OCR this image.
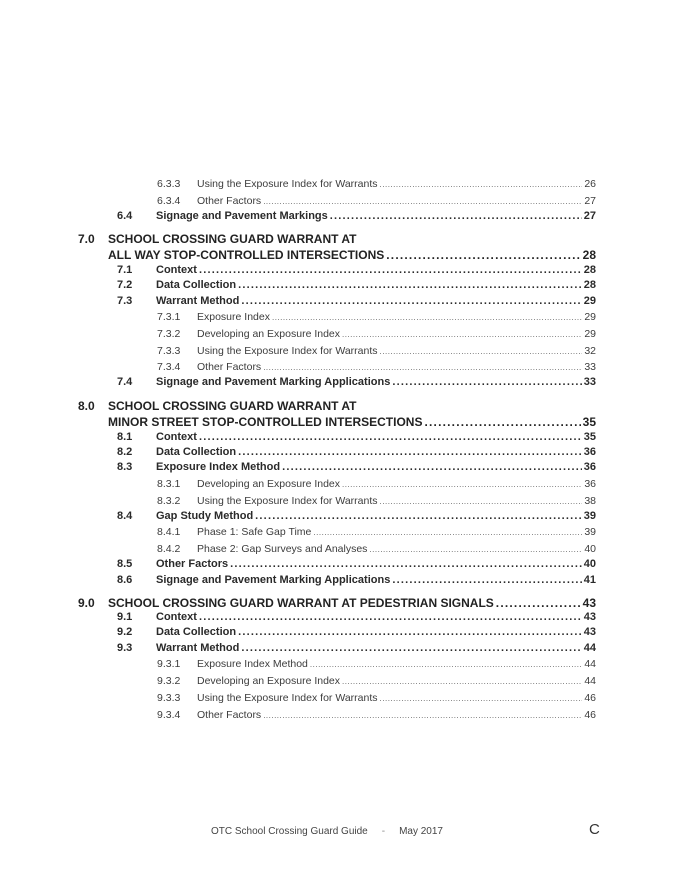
6.3.3	Using the Exposure Index for Warrants .....	26
6.3.4	Other Factors .....	27
6.4	Signage and Pavement Markings .....	27
7.0 SCHOOL CROSSING GUARD WARRANT AT
ALL WAY STOP-CONTROLLED INTERSECTIONS .....	28
7.1	Context .....	28
7.2	Data Collection .....	28
7.3	Warrant Method .....	29
7.3.1	Exposure Index .....	29
7.3.2	Developing an Exposure Index .....	29
7.3.3	Using the Exposure Index for Warrants .....	32
7.3.4	Other Factors .....	33
7.4	Signage and Pavement Marking Applications .....	33
8.0 SCHOOL CROSSING GUARD WARRANT AT
MINOR STREET STOP-CONTROLLED INTERSECTIONS .....	35
8.1	Context .....	35
8.2	Data Collection .....	36
8.3	Exposure Index Method .....	36
8.3.1	Developing an Exposure Index .....	36
8.3.2	Using the Exposure Index for Warrants .....	38
8.4	Gap Study Method .....	39
8.4.1	Phase 1: Safe Gap Time .....	39
8.4.2	Phase 2: Gap Surveys and Analyses .....	40
8.5	Other Factors .....	40
8.6	Signage and Pavement Marking Applications .....	41
9.0	SCHOOL CROSSING GUARD WARRANT AT PEDESTRIAN SIGNALS .....	43
9.1	Context .....	43
9.2	Data Collection .....	43
9.3	Warrant Method .....	44
9.3.1	Exposure Index Method .....	44
9.3.2	Developing an Exposure Index .....	44
9.3.3	Using the Exposure Index for Warrants .....	46
9.3.4	Other Factors .....	46
OTC School Crossing Guard Guide - May 2017	C
